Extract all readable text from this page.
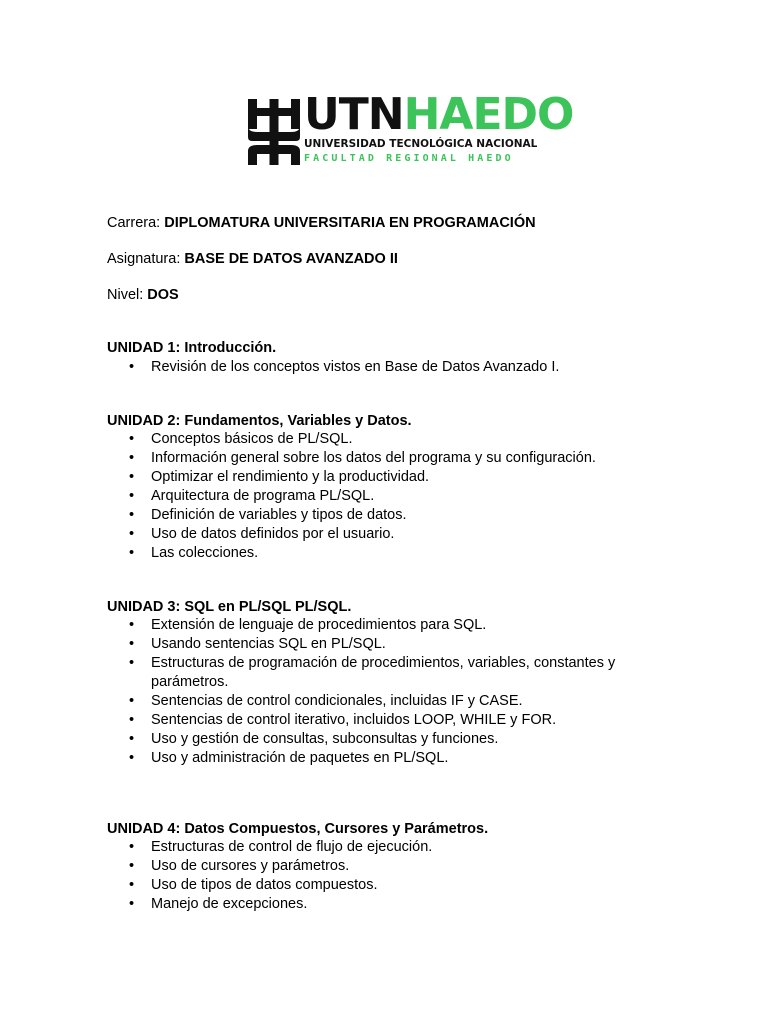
UTNHAEDO
UNIVERSIDAD TECNOLÓGICA NACIONAL
FACULTAD REGIONAL HAEDO
Carrera: DIPLOMATURA UNIVERSITARIA EN PROGRAMACIÓN
Asignatura: BASE DE DATOS AVANZADO II
Nivel: DOS
UNIDAD 1: Introducción.
• Revisión de los conceptos vistos en Base de Datos Avanzado I.
UNIDAD 2: Fundamentos, Variables y Datos.
• Conceptos básicos de PL/SQL.
• Información general sobre los datos del programa y su configuración.
• Optimizar el rendimiento y la productividad.
• Arquitectura de programa PL/SQL.
• Definición de variables y tipos de datos.
• Uso de datos definidos por el usuario.
• Las colecciones.
UNIDAD 3: SQL en PL/SQL PL/SQL.
• Extensión de lenguaje de procedimientos para SQL.
• Usando sentencias SQL en PL/SQL.
• Estructuras de programación de procedimientos, variables, constantes y parámetros.
• Sentencias de control condicionales, incluidas IF y CASE.
• Sentencias de control iterativo, incluidos LOOP, WHILE y FOR.
• Uso y gestión de consultas, subconsultas y funciones.
• Uso y administración de paquetes en PL/SQL.
UNIDAD 4: Datos Compuestos, Cursores y Parámetros.
• Estructuras de control de flujo de ejecución.
• Uso de cursores y parámetros.
• Uso de tipos de datos compuestos.
• Manejo de excepciones.
